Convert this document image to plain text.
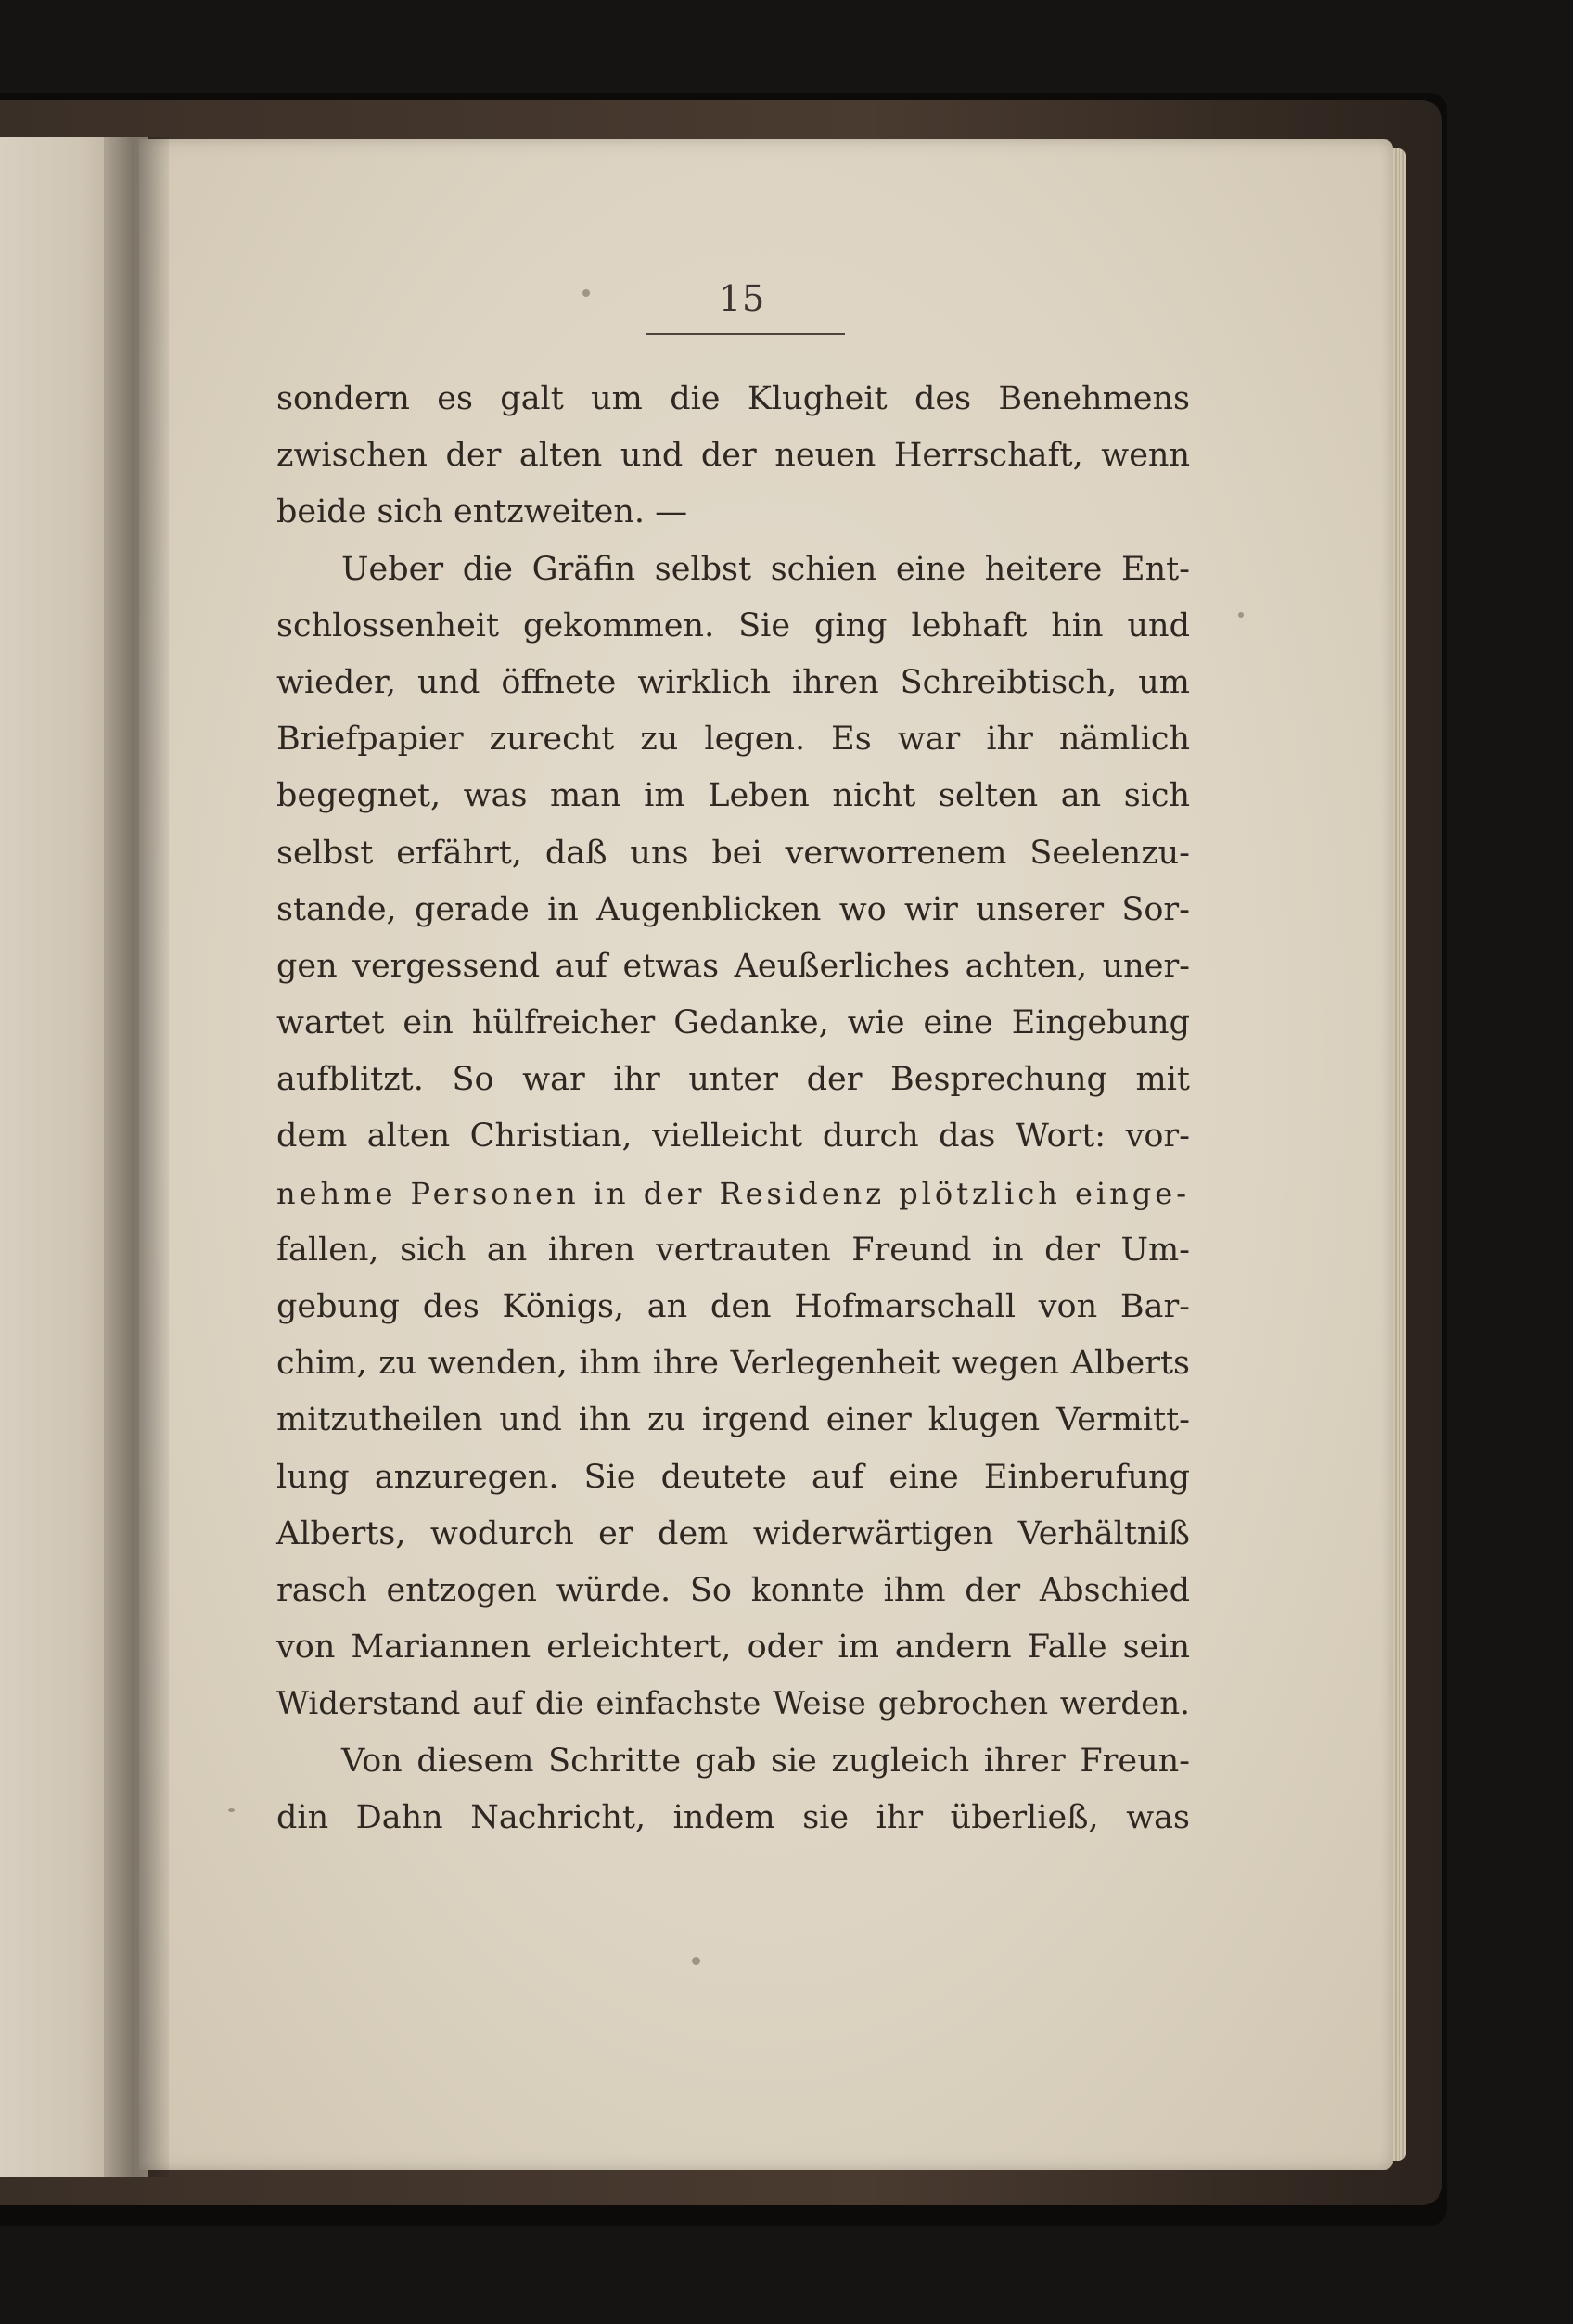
15
sondern es galt um die Klugheit des Benehmens
zwischen der alten und der neuen Herrschaft, wenn
beide sich entzweiten. —
Ueber die Gräfin selbst schien eine heitere Ent-
schlossenheit gekommen. Sie ging lebhaft hin und
wieder, und öffnete wirklich ihren Schreibtisch, um
Briefpapier zurecht zu legen. Es war ihr nämlich
begegnet, was man im Leben nicht selten an sich
selbst erfährt, daß uns bei verworrenem Seelenzu-
stande, gerade in Augenblicken wo wir unserer Sor-
gen vergessend auf etwas Aeußerliches achten, uner-
wartet ein hülfreicher Gedanke, wie eine Eingebung
aufblitzt. So war ihr unter der Besprechung mit
dem alten Christian, vielleicht durch das Wort: vor-
nehme Personen in der Residenz plötzlich einge-
fallen, sich an ihren vertrauten Freund in der Um-
gebung des Königs, an den Hofmarschall von Bar-
chim, zu wenden, ihm ihre Verlegenheit wegen Alberts
mitzutheilen und ihn zu irgend einer klugen Vermitt-
lung anzuregen. Sie deutete auf eine Einberufung
Alberts, wodurch er dem widerwärtigen Verhältniß
rasch entzogen würde. So konnte ihm der Abschied
von Mariannen erleichtert, oder im andern Falle sein
Widerstand auf die einfachste Weise gebrochen werden.
Von diesem Schritte gab sie zugleich ihrer Freun-
din Dahn Nachricht, indem sie ihr überließ, was
